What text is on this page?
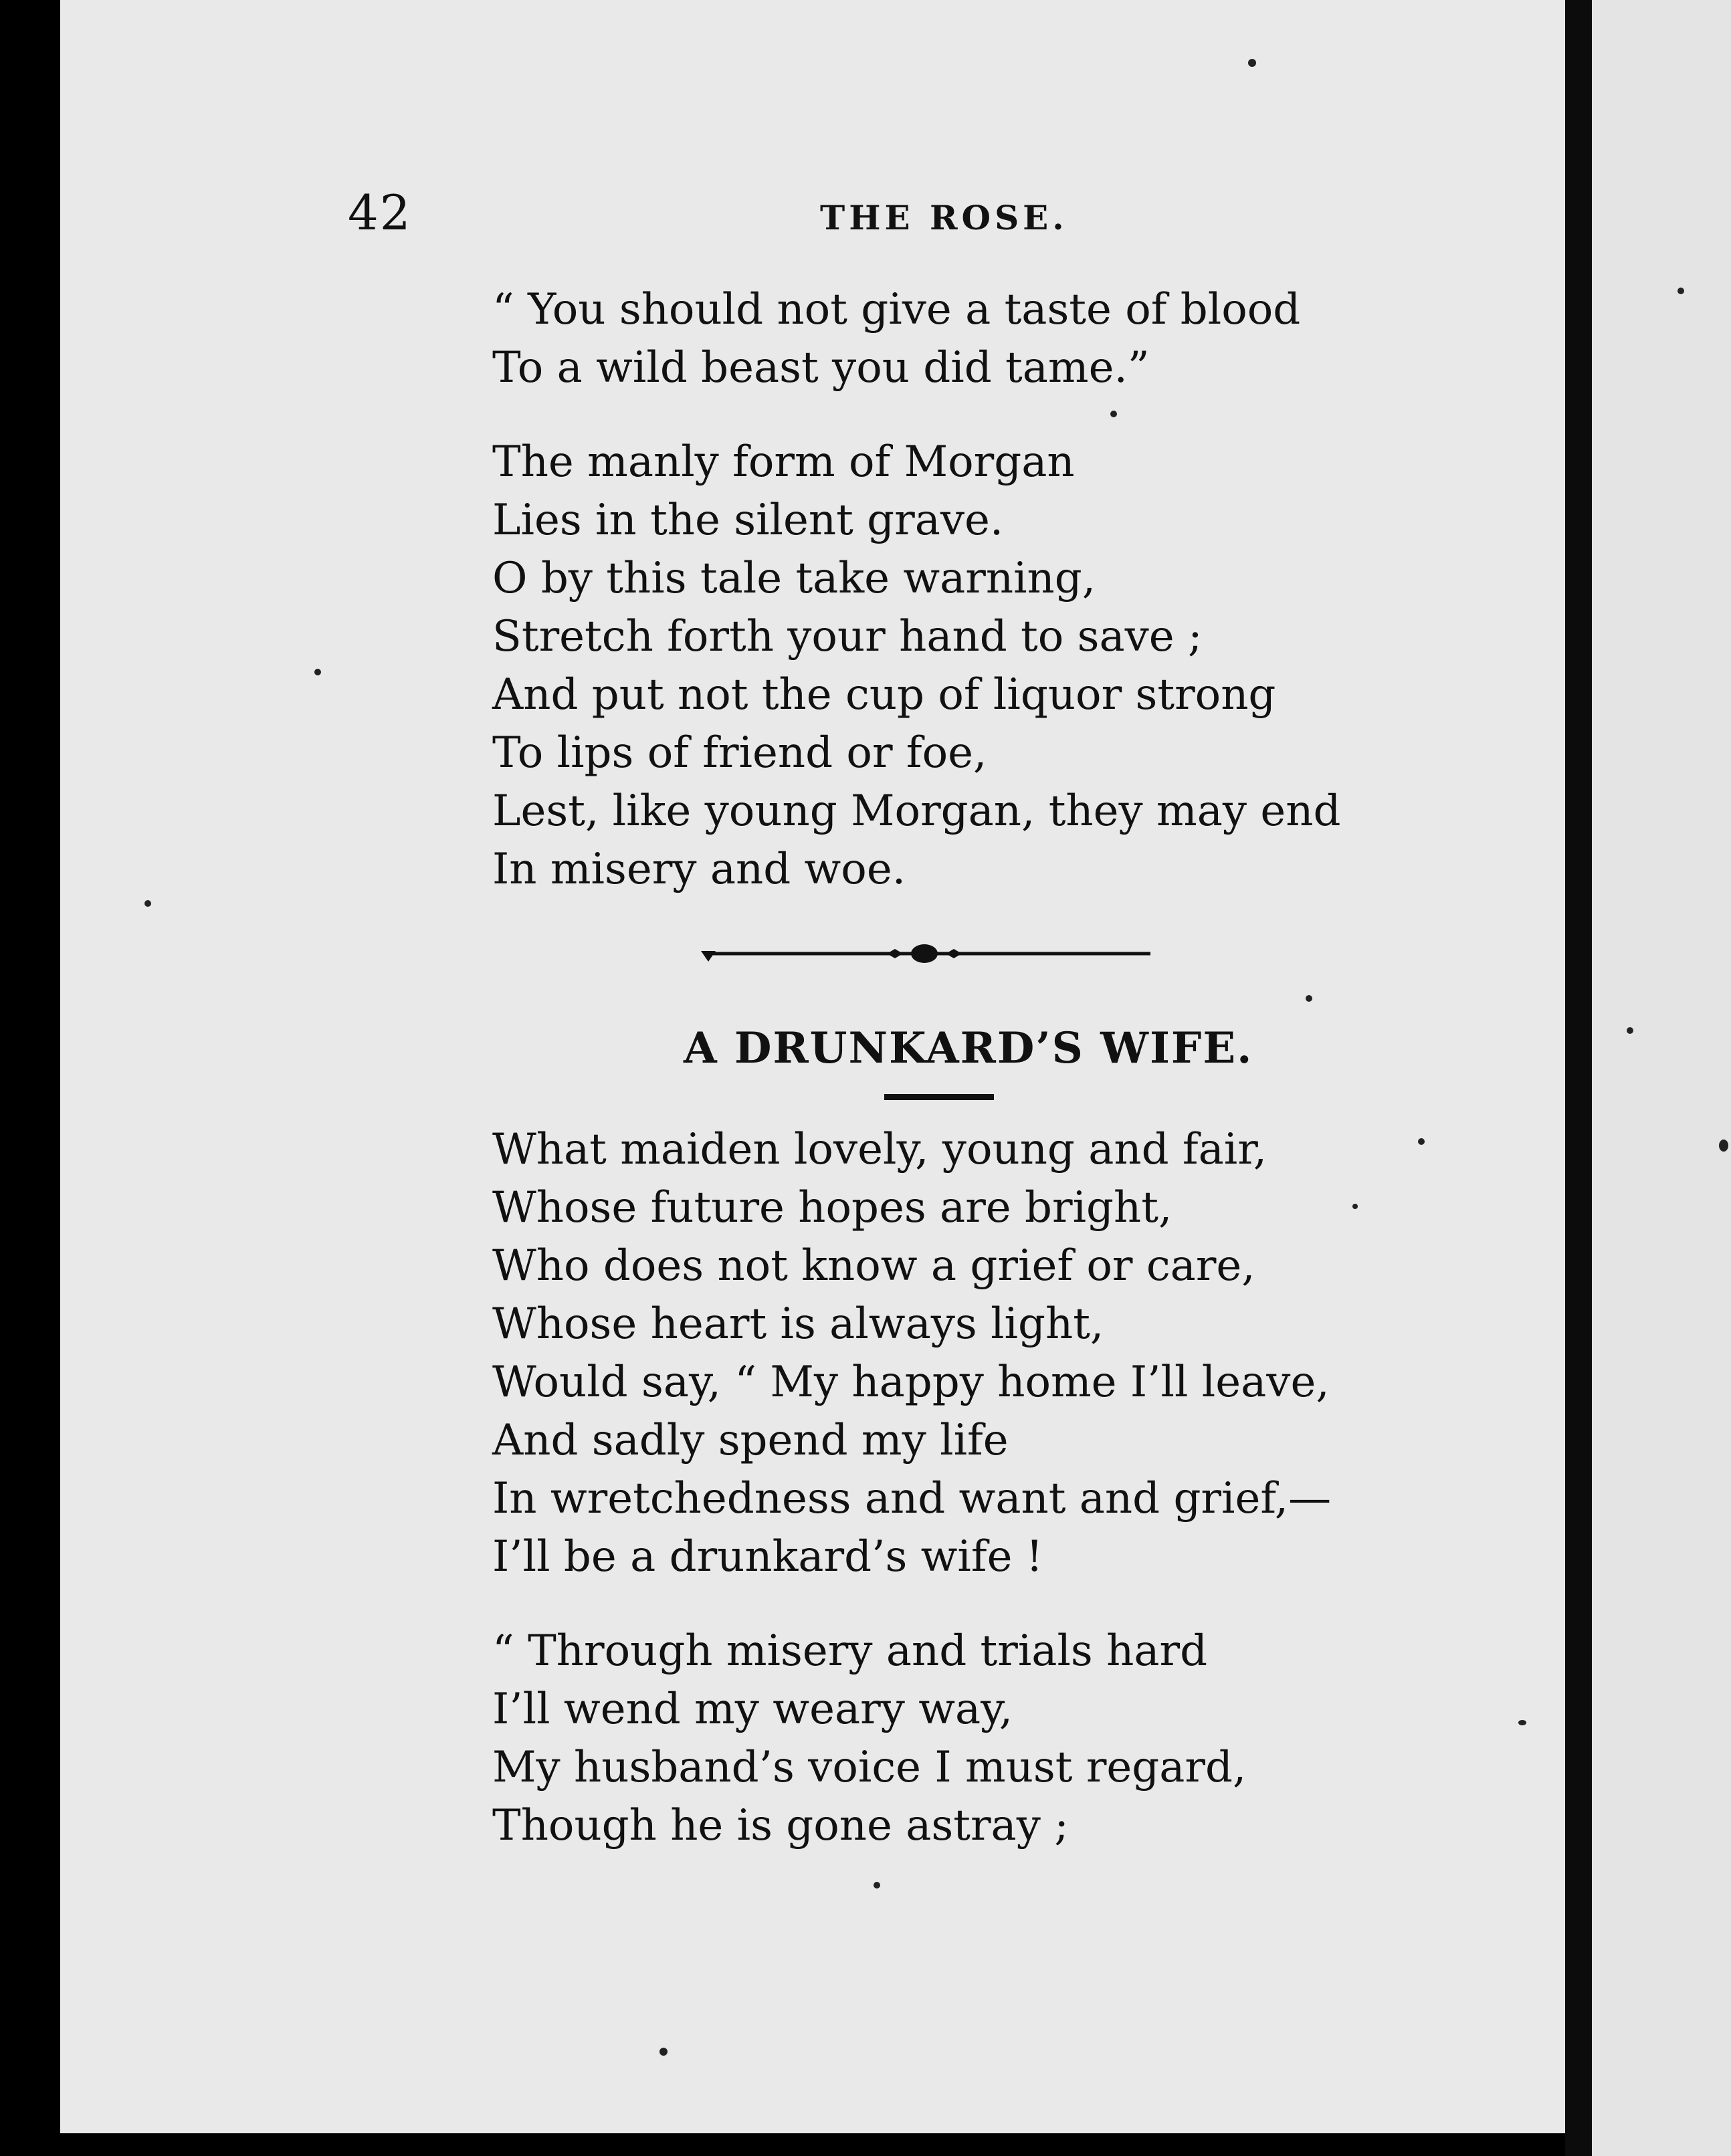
42	THE ROSE.
“ You should not give a taste of blood
To a wild beast you did tame.”
The manly form of Morgan
Lies in the silent grave.
O by this tale take warning,
Stretch forth your hand to save ;
And put not the cup of liquor strong
To lips of friend or foe,
Lest, like young Morgan, they may end
In misery and woe.
A DRUNKARD’S WIFE.
What maiden lovely, young and fair,
Whose future hopes are bright,
Who does not know a grief or care,
Whose heart is always light,
Would say, “ My happy home I’ll leave,
And sadly spend my life
In wretchedness and want and grief,—
I’ll be a drunkard’s wife !
“ Through misery and trials hard
I’ll wend my weary way,
My husband’s voice I must regard,
Though he is gone astray ;
